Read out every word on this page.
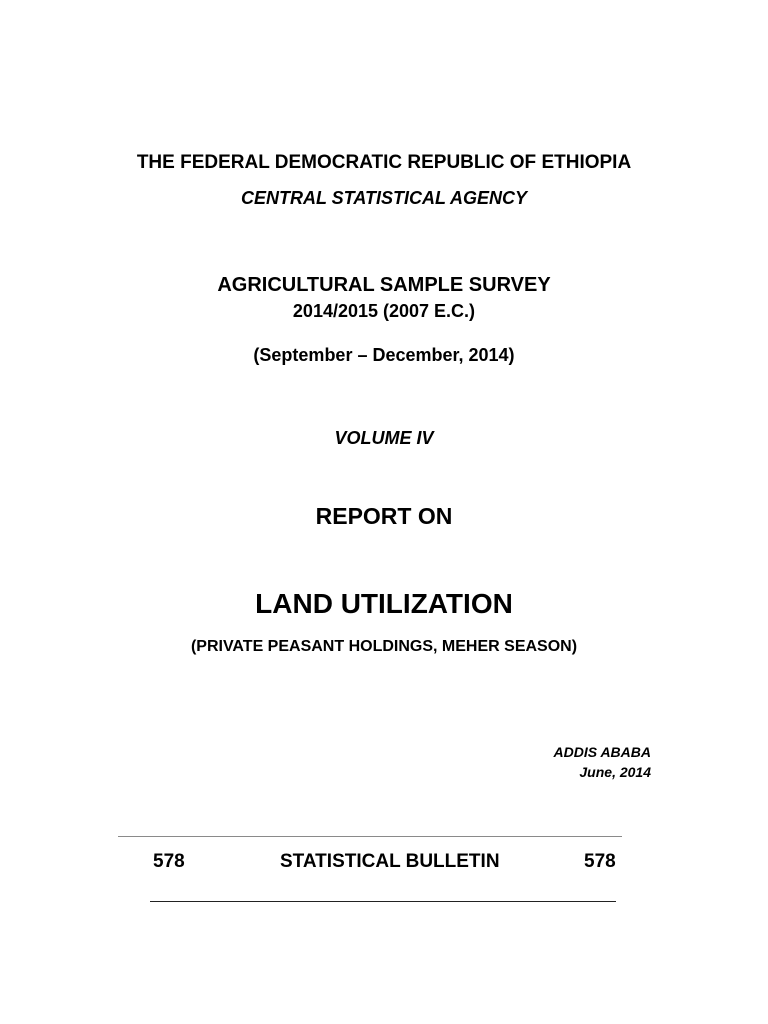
THE FEDERAL DEMOCRATIC REPUBLIC OF ETHIOPIA
CENTRAL STATISTICAL AGENCY
AGRICULTURAL SAMPLE SURVEY
2014/2015 (2007 E.C.)
(September – December, 2014)
VOLUME IV
REPORT ON
LAND UTILIZATION
(PRIVATE PEASANT HOLDINGS, MEHER SEASON)
ADDIS ABABA
June, 2014
578	STATISTICAL BULLETIN	578
